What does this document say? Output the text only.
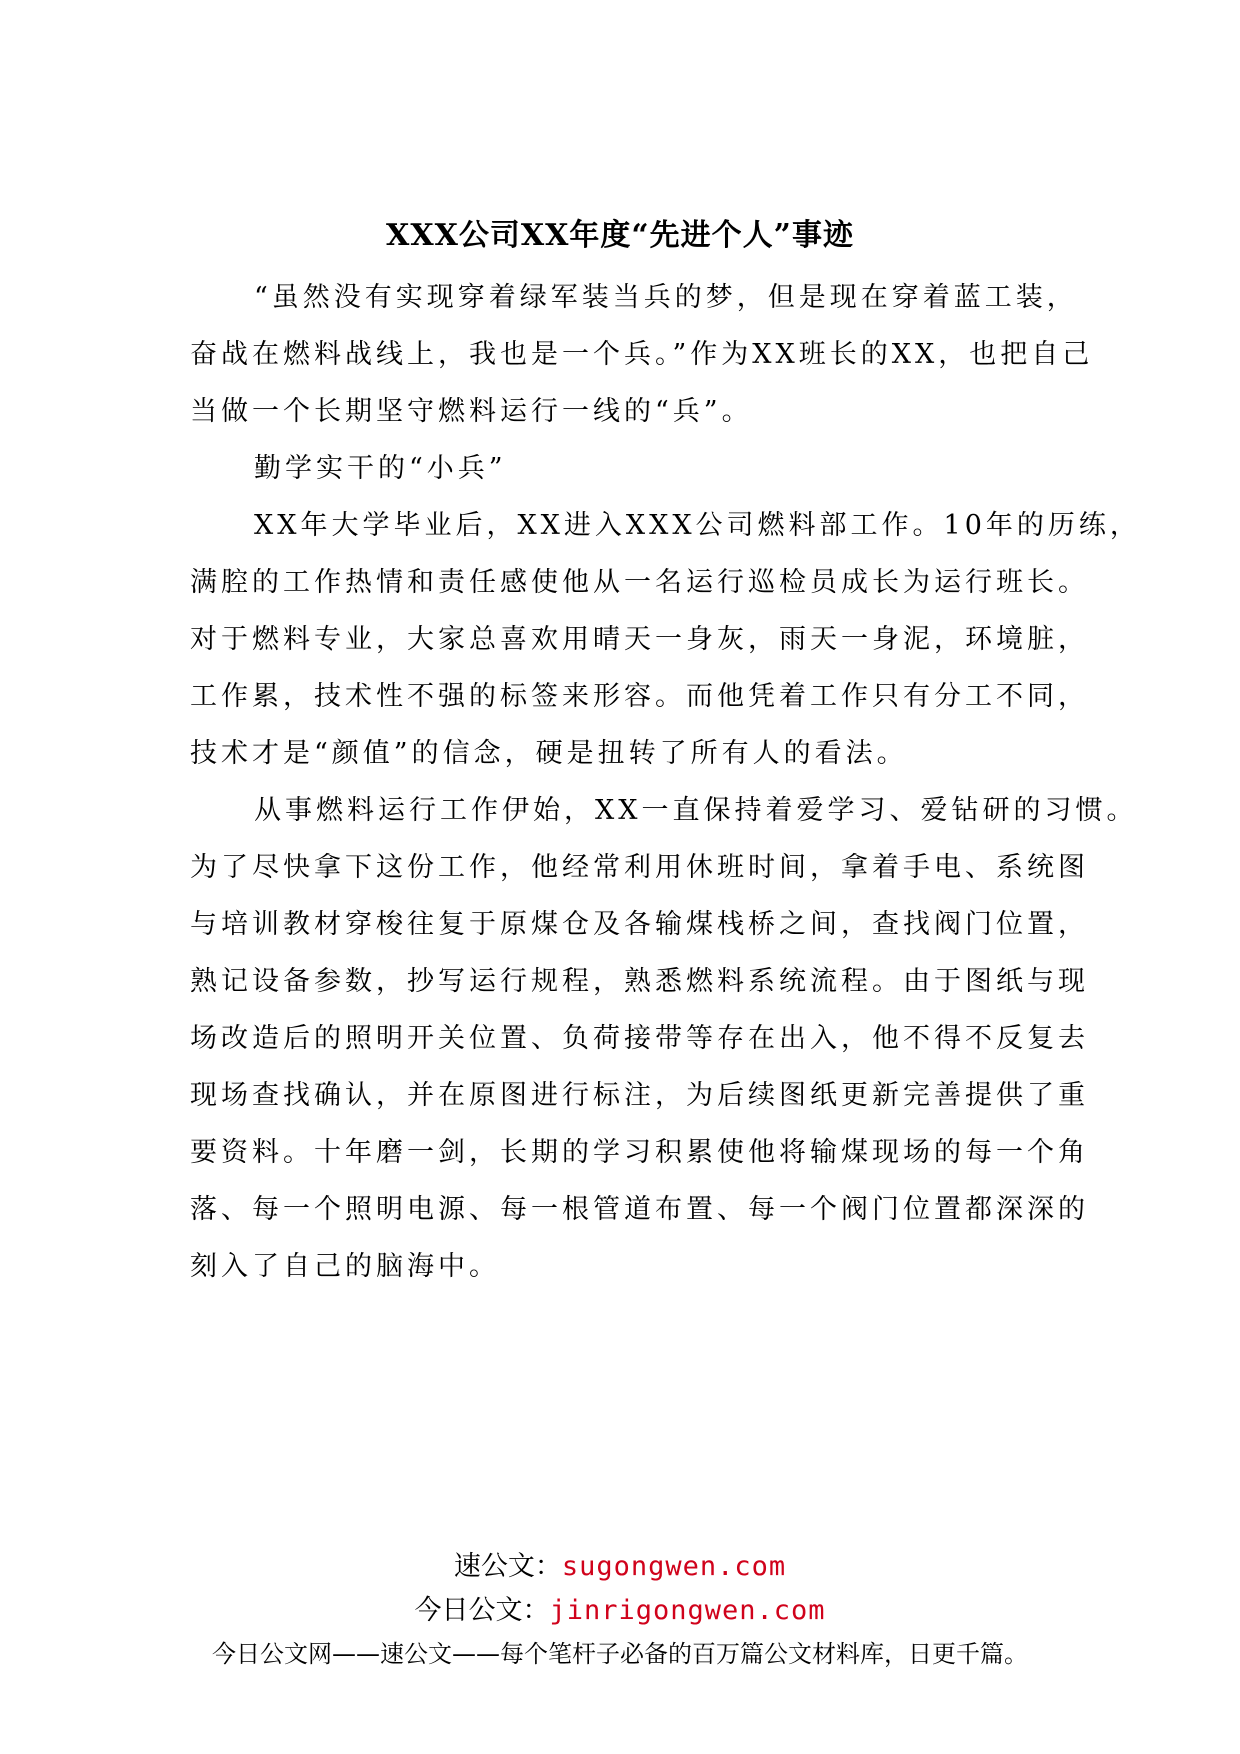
XXX公司XX年度“先进个人”事迹
“虽然没有实现穿着绿军装当兵的梦，但是现在穿着蓝工装，
奋战在燃料战线上，我也是一个兵。”作为XX班长的XX，也把自己
当做一个长期坚守燃料运行一线的“兵”。
勤学实干的“小兵”
XX年大学毕业后，XX进入XXX公司燃料部工作。10年的历练，
满腔的工作热情和责任感使他从一名运行巡检员成长为运行班长。
对于燃料专业，大家总喜欢用晴天一身灰，雨天一身泥，环境脏，
工作累，技术性不强的标签来形容。而他凭着工作只有分工不同，
技术才是“颜值”的信念，硬是扭转了所有人的看法。
从事燃料运行工作伊始，XX一直保持着爱学习、爱钻研的习惯。
为了尽快拿下这份工作，他经常利用休班时间，拿着手电、系统图
与培训教材穿梭往复于原煤仓及各输煤栈桥之间，查找阀门位置，
熟记设备参数，抄写运行规程，熟悉燃料系统流程。由于图纸与现
场改造后的照明开关位置、负荷接带等存在出入，他不得不反复去
现场查找确认，并在原图进行标注，为后续图纸更新完善提供了重
要资料。十年磨一剑，长期的学习积累使他将输煤现场的每一个角
落、每一个照明电源、每一根管道布置、每一个阀门位置都深深的
刻入了自己的脑海中。
速公文：sugongwen.com
今日公文：jinrigongwen.com
今日公文网——速公文——每个笔杆子必备的百万篇公文材料库，日更千篇。
